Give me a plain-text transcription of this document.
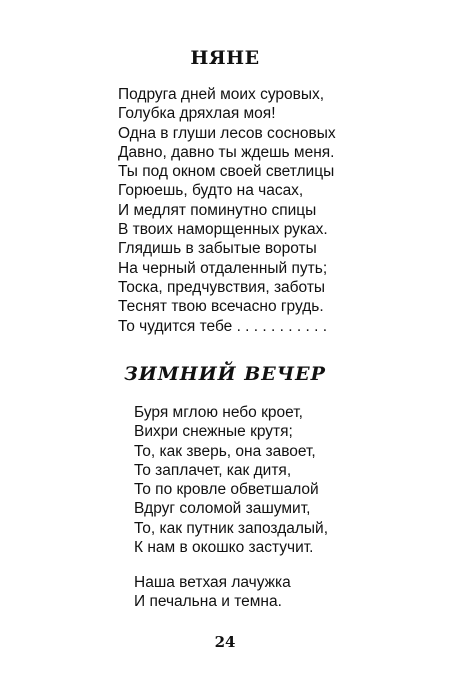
НЯНЕ
Подруга дней моих суровых,
Голубка дряхлая моя!
Одна в глуши лесов сосновых
Давно, давно ты ждешь меня.
Ты под окном своей светлицы
Горюешь, будто на часах,
И медлят поминутно спицы
В твоих наморщенных руках.
Глядишь в забытые вороты
На черный отдаленный путь;
Тоска, предчувствия, заботы
Теснят твою всечасно грудь.
То чудится тебе . . . . . . . . . . .
ЗИМНИЙ ВЕЧЕР
Буря мглою небо кроет,
Вихри снежные крутя;
То, как зверь, она завоет,
То заплачет, как дитя,
То по кровле обветшалой
Вдруг соломой зашумит,
То, как путник запоздалый,
К нам в окошко застучит.
Наша ветхая лачужка
И печальна и темна.
24
